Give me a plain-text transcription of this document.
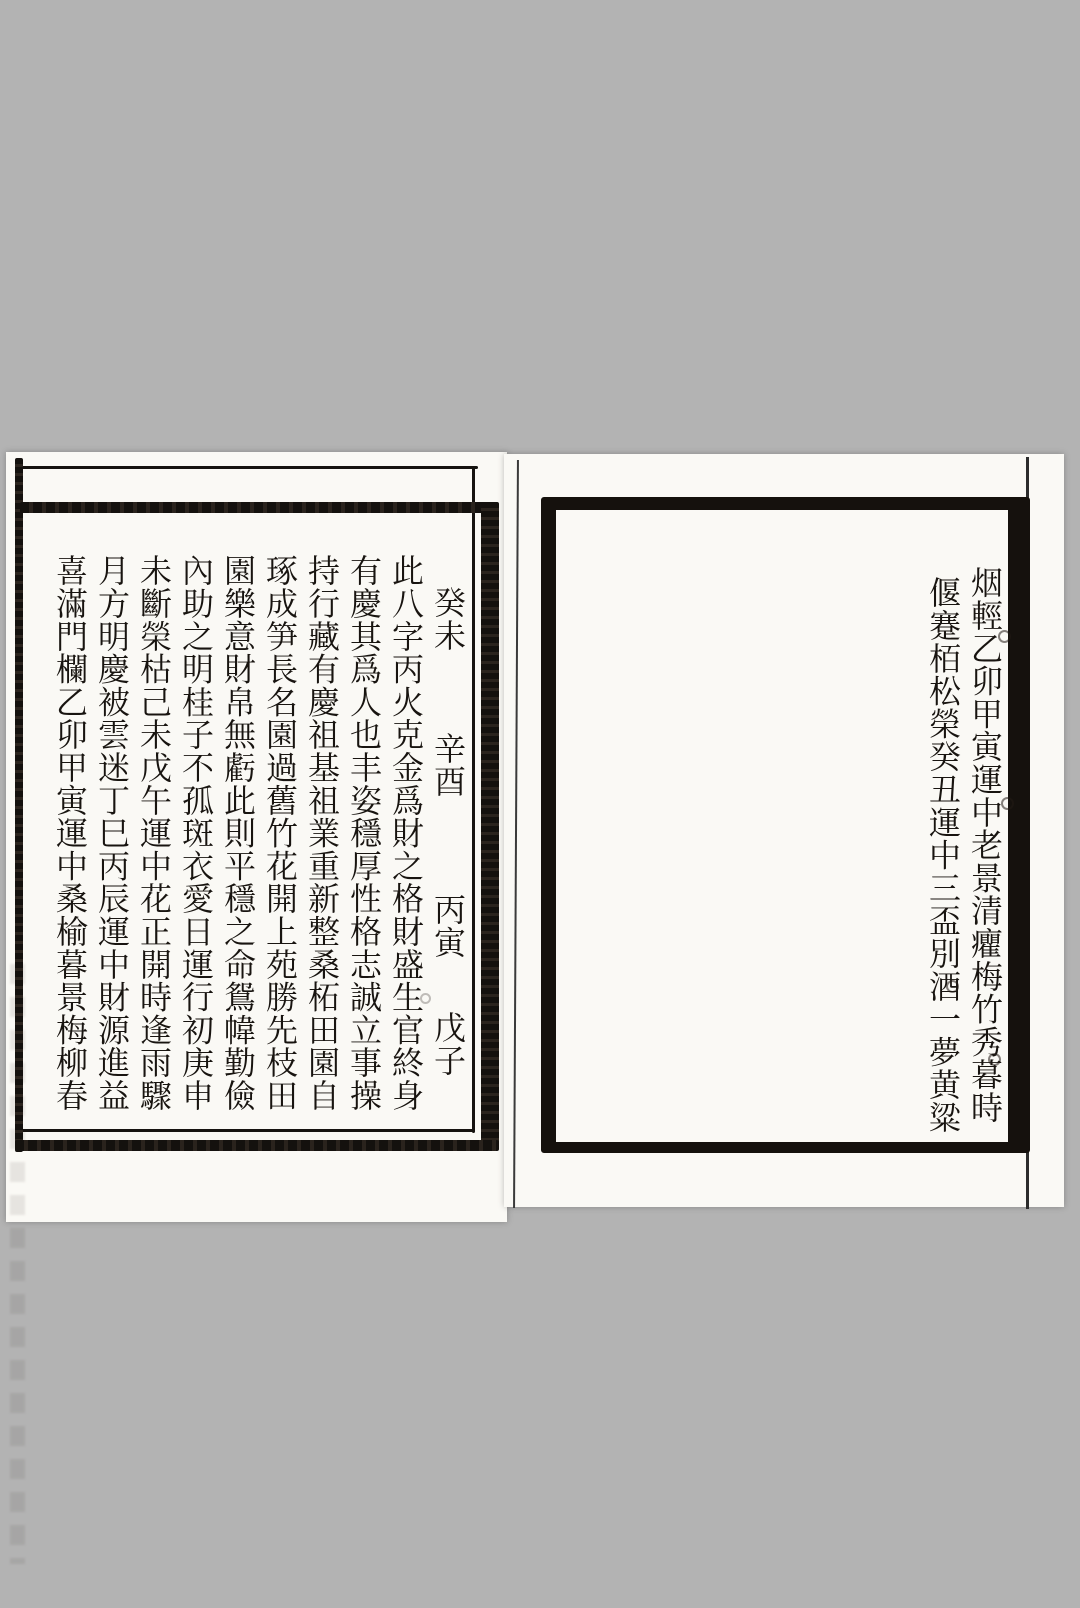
癸未 辛酉 丙寅 戊子
此八字丙火克金爲財之格財盛生官終身
有慶其爲人也丰姿穩厚性格志誠立事操
持行藏有慶祖基祖業重新整桑柘田園自
琢成笋長名園過舊竹花開上苑勝先枝田
園樂意財帛無虧此則平穩之命鴛幃勤儉
內助之明桂子不孤斑衣愛日運行初庚申
未斷榮枯己未戊午運中花正開時逢雨驟
月方明慶被雲迷丁巳丙辰運中財源進益
喜滿門欄乙卯甲寅運中桑榆暮景梅柳春	烟輕乙卯甲寅運中老景清癯梅竹秀暮時
偃蹇栢松榮癸丑運中三盃別酒一夢黄粱
